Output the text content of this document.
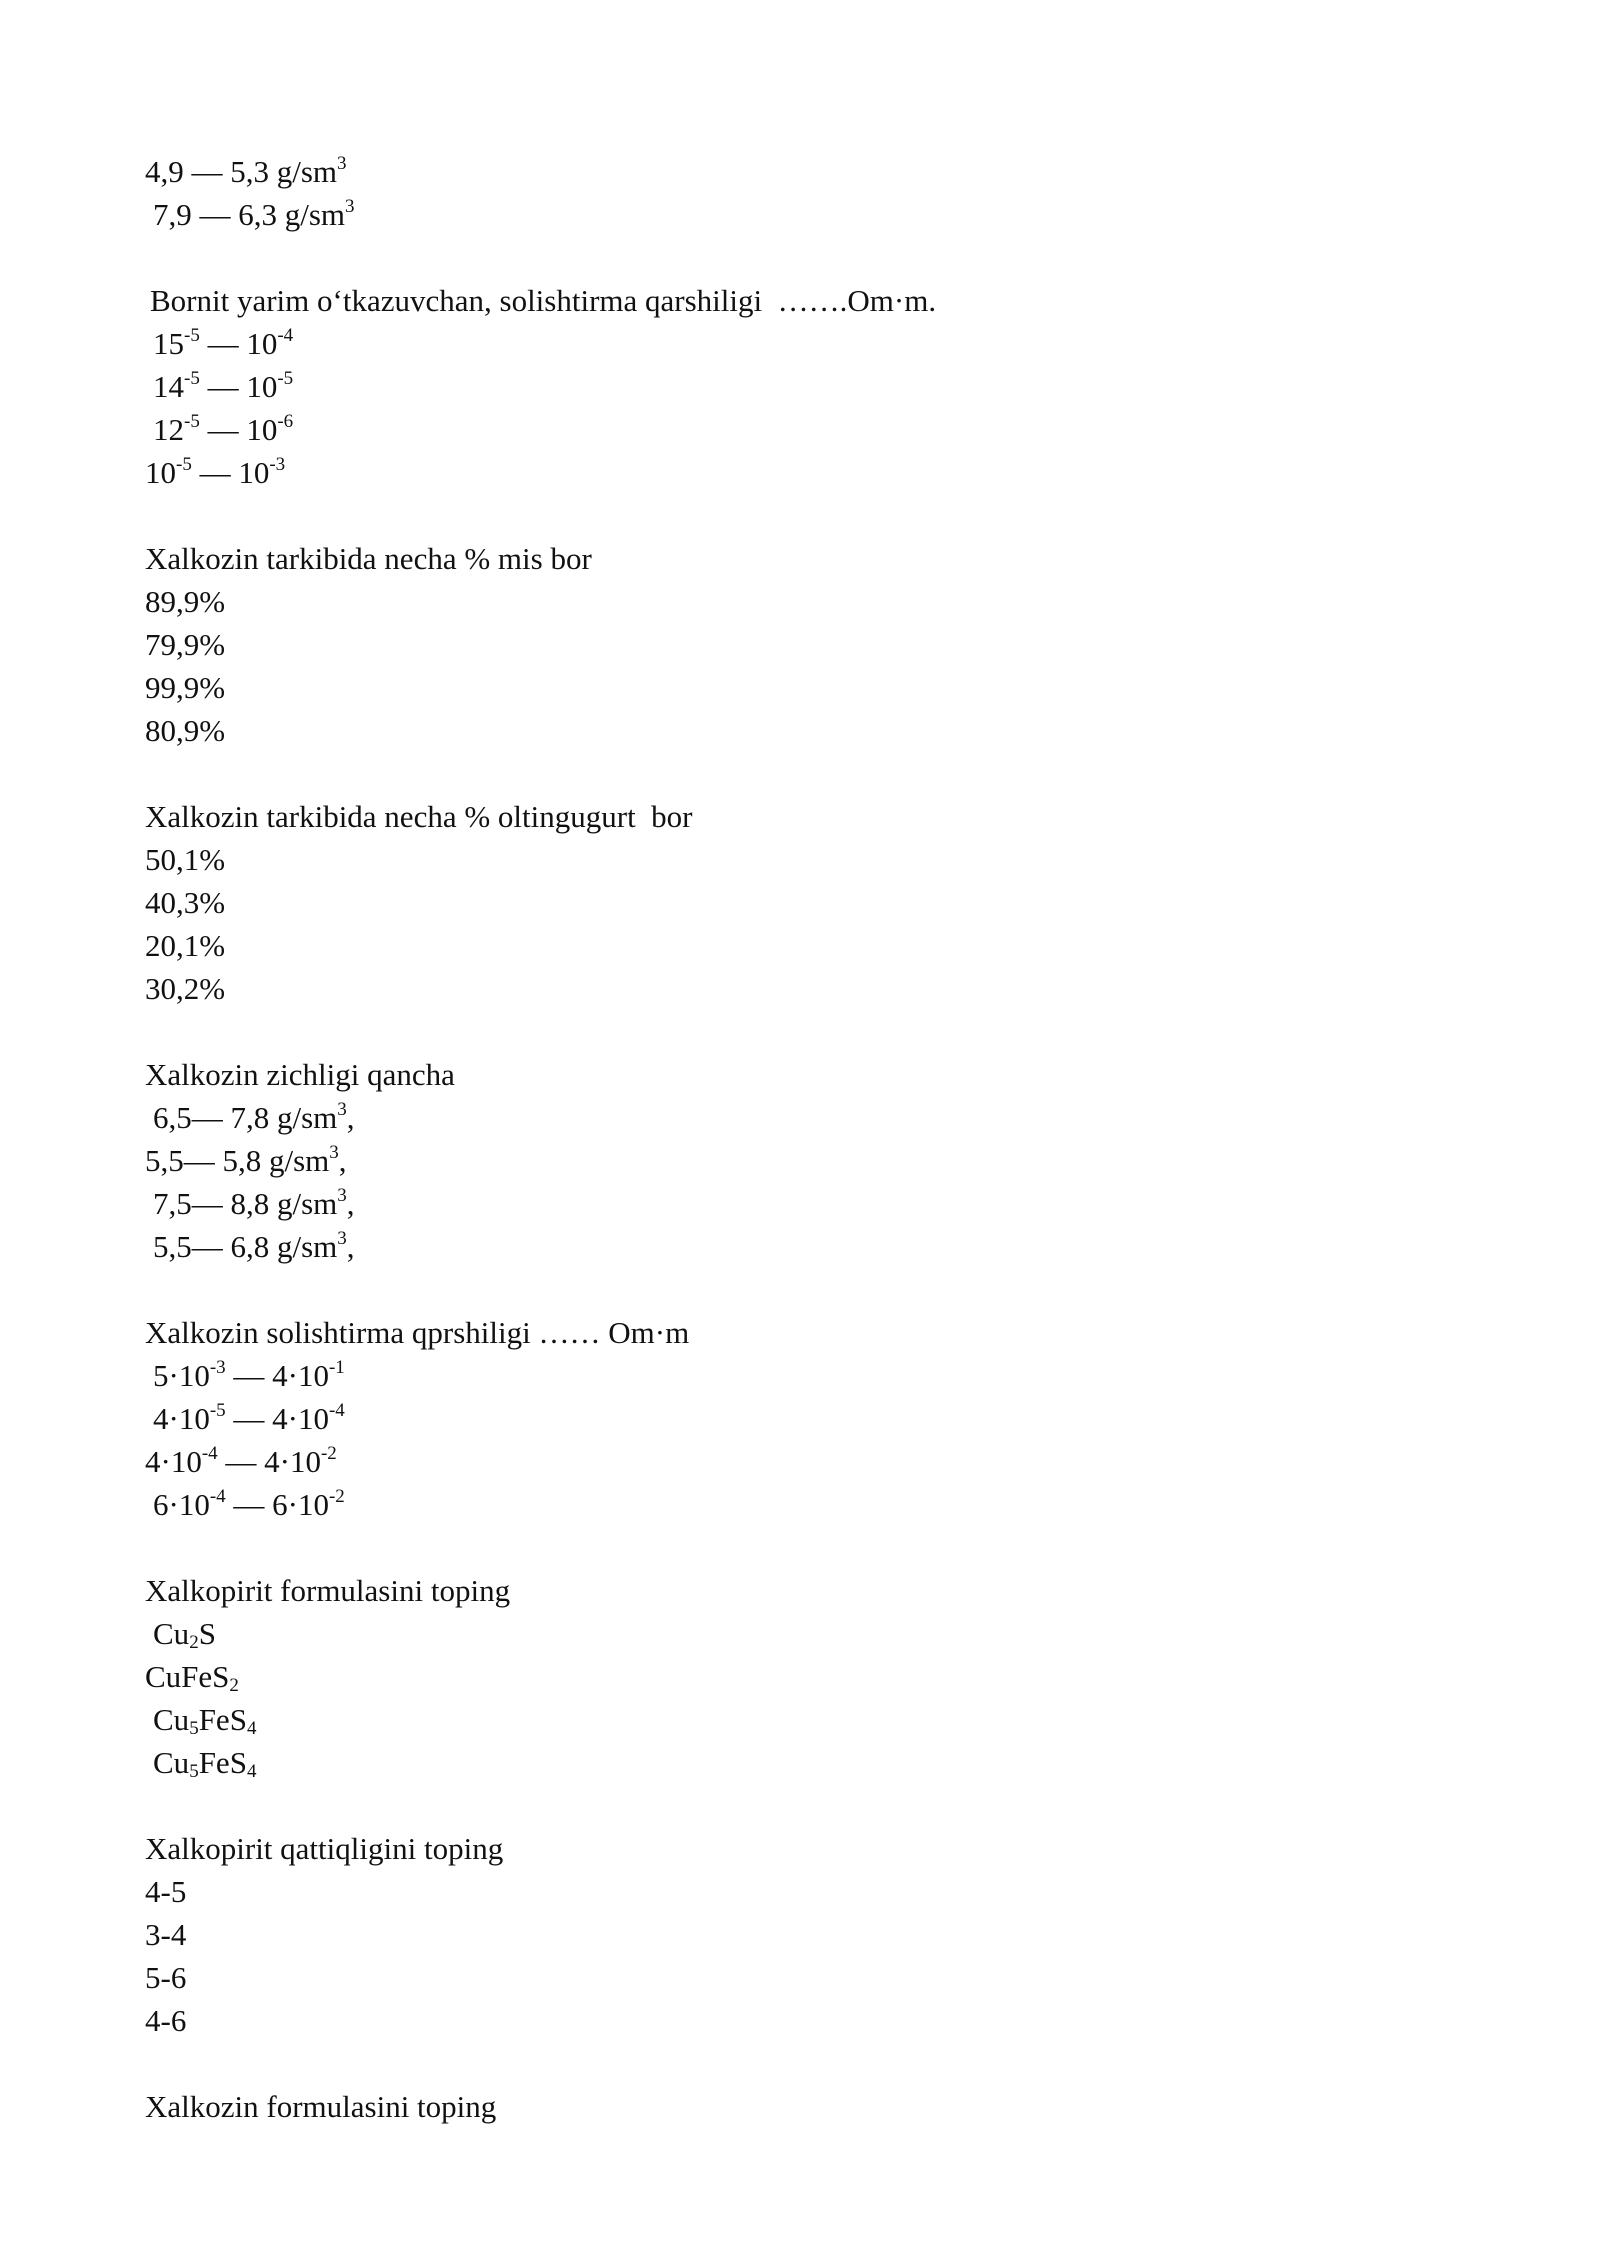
4,9 — 5,3 $g/sm^3$
7,9 — 6,3 $g/sm^3$
Bornit yarim o‘tkazuvchan, solishtirma qarshiligi  …….Om·m.
$15^{-5}$ — $10^{-4}$
$14^{-5}$ — $10^{-5}$
$12^{-5}$ — $10^{-6}$
$10^{-5}$ — $10^{-3}$
Xalkozin tarkibida necha % mis bor
89,9%
79,9%
99,9%
80,9%
Xalkozin tarkibida necha % oltingugurt  bor
50,1%
40,3%
20,1%
30,2%
Xalkozin zichligi qancha
6,5— 7,8 $g/sm^3$,
5,5— 5,8 $g/sm^3$,
7,5— 8,8 $g/sm^3$,
5,5— 6,8 $g/sm^3$,
Xalkozin solishtirma qprshiligi …… Om·m
$5\cdot 10^{-3}$ — $4\cdot 10^{-1}$
$4\cdot 10^{-5}$ — $4\cdot 10^{-4}$
$4\cdot 10^{-4}$ — $4\cdot 10^{-2}$
$6\cdot 10^{-4}$ — $6\cdot 10^{-2}$
Xalkopirit formulasini toping
$Cu_2S$
CuFeS$_2$
$Cu_5FeS_4$
$Cu_5FeS_4$
Xalkopirit qattiqligini toping
4-5
3-4
5-6
4-6
Xalkozin formulasini toping
